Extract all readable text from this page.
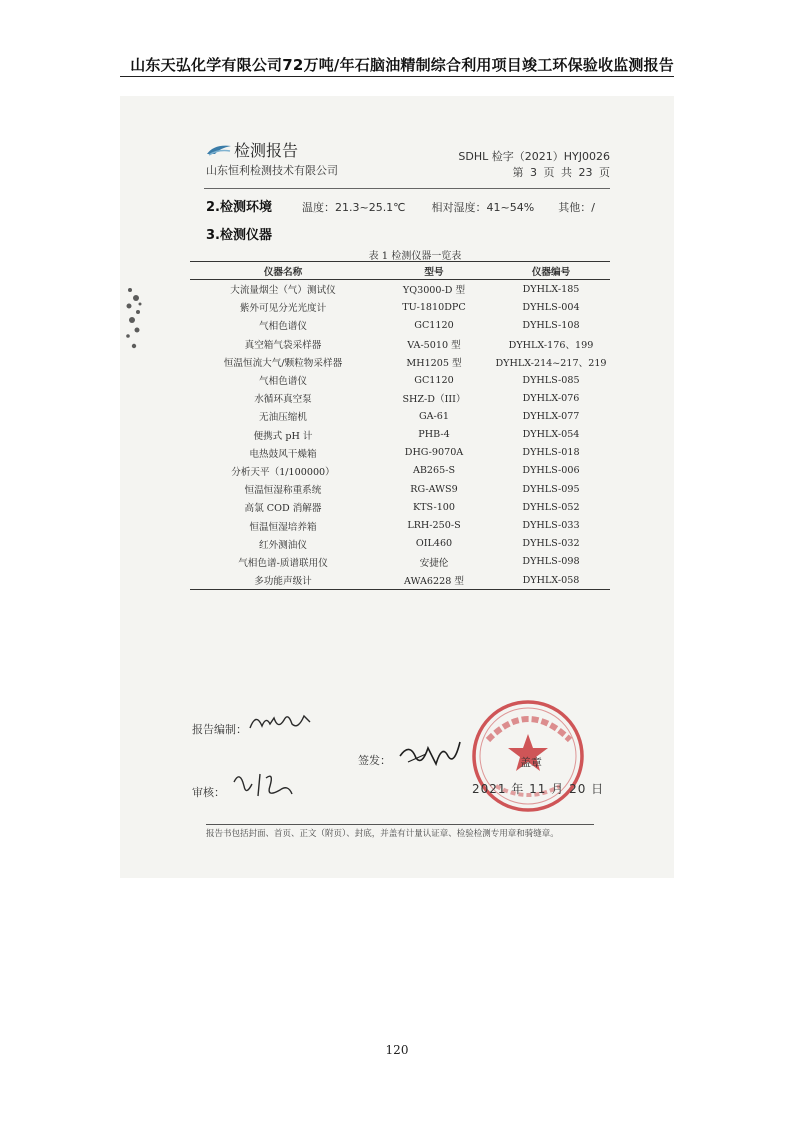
山东天弘化学有限公司72万吨/年石脑油精制综合利用项目竣工环保验收监测报告
检测报告
山东恒利检测技术有限公司
SDHL 检字（2021）HYJ0026
第 3 页 共 23 页
2.检测环境	温度：21.3~25.1℃ 相对湿度：41~54% 其他：/
3.检测仪器
表 1 检测仪器一览表
仪器名称	型号	仪器编号
大流量烟尘（气）测试仪	YQ3000-D 型	DYHLX-185
紫外可见分光光度计	TU-1810DPC	DYHLS-004
气相色谱仪	GC1120	DYHLS-108
真空箱气袋采样器	VA-5010 型	DYHLX-176、199
恒温恒流大气/颗粒物采样器	MH1205 型	DYHLX-214~217、219
气相色谱仪	GC1120	DYHLS-085
水循环真空泵	SHZ-D（III）	DYHLX-076
无油压缩机	GA-61	DYHLX-077
便携式 pH 计	PHB-4	DYHLX-054
电热鼓风干燥箱	DHG-9070A	DYHLS-018
分析天平（1/100000）	AB265-S	DYHLS-006
恒温恒湿称重系统	RG-AWS9	DYHLS-095
高氯 COD 消解器	KTS-100	DYHLS-052
恒温恒湿培养箱	LRH-250-S	DYHLS-033
红外测油仪	OIL460	DYHLS-032
气相色谱-质谱联用仪	安捷伦	DYHLS-098
多功能声级计	AWA6228 型	DYHLX-058
报告编制：
签发：
审核：
盖章
2021 年 11 月 20 日
报告书包括封面、首页、正文（附页）、封底，并盖有计量认证章、检验检测专用章和骑缝章。
120
